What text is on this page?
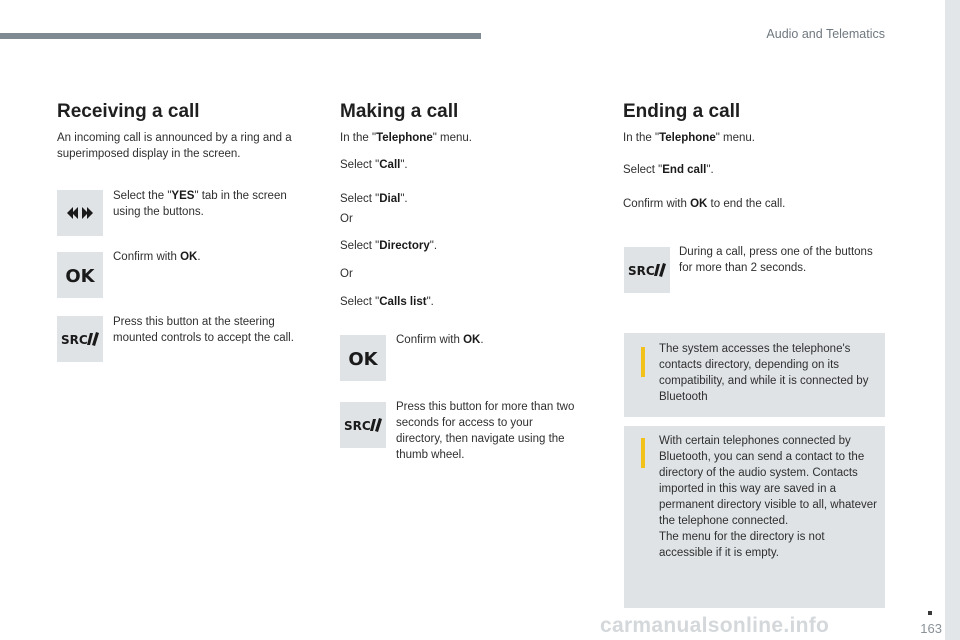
Audio and Telematics
Receiving a call
An incoming call is announced by a ring and a superimposed display in the screen.
Select the "YES" tab in the screen using the buttons.
OK
Confirm with OK.
SRC
Press this button at the steering mounted controls to accept the call.
Making a call
In the "Telephone" menu.
Select "Call".
Select "Dial".
Or
Select "Directory".
Or
Select "Calls list".
OK
Confirm with OK.
SRC
Press this button for more than two seconds for access to your directory, then navigate using the thumb wheel.
Ending a call
In the "Telephone" menu.
Select "End call".
Confirm with OK to end the call.
SRC
During a call, press one of the buttons for more than 2 seconds.
The system accesses the telephone's contacts directory, depending on its compatibility, and while it is connected by Bluetooth
With certain telephones connected by Bluetooth, you can send a contact to the directory of the audio system. Contacts imported in this way are saved in a permanent directory visible to all, whatever the telephone connected.
The menu for the directory is not accessible if it is empty.
carmanualsonline.info	163
